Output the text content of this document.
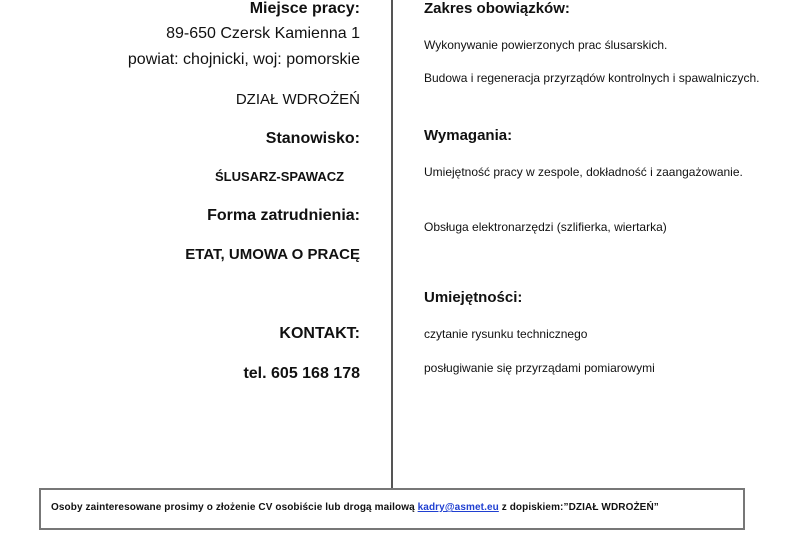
Miejsce pracy:
89-650 Czersk Kamienna 1
powiat: chojnicki, woj: pomorskie
DZIAŁ WDROŻEŃ
Stanowisko:
ŚLUSARZ-SPAWACZ
Forma zatrudnienia:
ETAT, UMOWA O PRACĘ
KONTAKT:
tel. 605 168 178
Zakres obowiązków:
Wykonywanie powierzonych prac ślusarskich.
Budowa i regeneracja przyrządów kontrolnych i spawalniczych.
Wymagania:
Umiejętność pracy w zespole, dokładność i zaangażowanie.
Obsługa elektronarzędzi (szlifierka, wiertarka)
Umiejętności:
czytanie rysunku technicznego
posługiwanie się przyrządami pomiarowymi
Osoby zainteresowane prosimy o złożenie CV osobiście lub drogą mailową kadry@asmet.eu z dopiskiem:”DZIAŁ WDROŻEŃ”
